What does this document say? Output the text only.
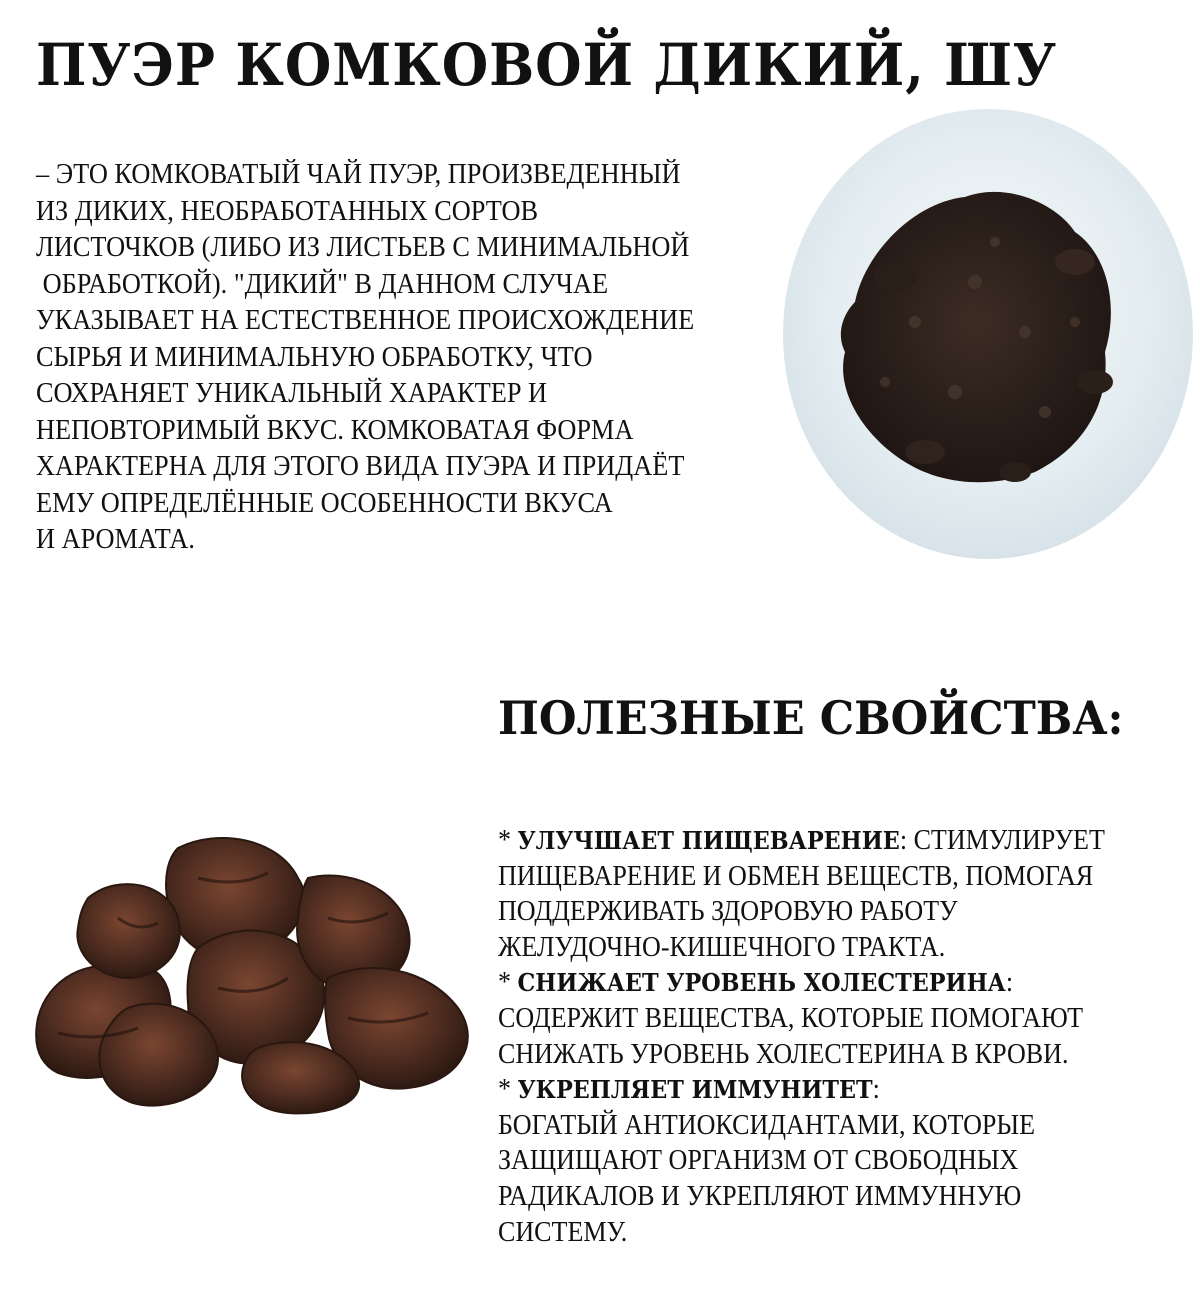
ПУЭР КОМКОВОЙ ДИКИЙ, ШУ
– ЭТО КОМКОВАТЫЙ ЧАЙ ПУЭР, ПРОИЗВЕДЕННЫЙ
ИЗ ДИКИХ, НЕОБРАБОТАННЫХ СОРТОВ
ЛИСТОЧКОВ (ЛИБО ИЗ ЛИСТЬЕВ С МИНИМАЛЬНОЙ
ОБРАБОТКОЙ). "ДИКИЙ" В ДАННОМ СЛУЧАЕ
УКАЗЫВАЕТ НА ЕСТЕСТВЕННОЕ ПРОИСХОЖДЕНИЕ
СЫРЬЯ И МИНИМАЛЬНУЮ ОБРАБОТКУ, ЧТО
СОХРАНЯЕТ УНИКАЛЬНЫЙ ХАРАКТЕР И
НЕПОВТОРИМЫЙ ВКУС. КОМКОВАТАЯ ФОРМА
ХАРАКТЕРНА ДЛЯ ЭТОГО ВИДА ПУЭРА И ПРИДАЁТ
ЕМУ ОПРЕДЕЛЁННЫЕ ОСОБЕННОСТИ ВКУСА
И АРОМАТА.
ПОЛЕЗНЫЕ СВОЙСТВА:
* УЛУЧШАЕТ ПИЩЕВАРЕНИЕ: СТИМУЛИРУЕТ
ПИЩЕВАРЕНИЕ И ОБМЕН ВЕЩЕСТВ, ПОМОГАЯ
ПОДДЕРЖИВАТЬ ЗДОРОВУЮ РАБОТУ
ЖЕЛУДОЧНО-КИШЕЧНОГО ТРАКТА.
* СНИЖАЕТ УРОВЕНЬ ХОЛЕСТЕРИНА:
СОДЕРЖИТ ВЕЩЕСТВА, КОТОРЫЕ ПОМОГАЮТ
СНИЖАТЬ УРОВЕНЬ ХОЛЕСТЕРИНА В КРОВИ.
* УКРЕПЛЯЕТ ИММУНИТЕТ:
БОГАТЫЙ АНТИОКСИДАНТАМИ, КОТОРЫЕ
ЗАЩИЩАЮТ ОРГАНИЗМ ОТ СВОБОДНЫХ
РАДИКАЛОВ И УКРЕПЛЯЮТ ИММУННУЮ
СИСТЕМУ.
